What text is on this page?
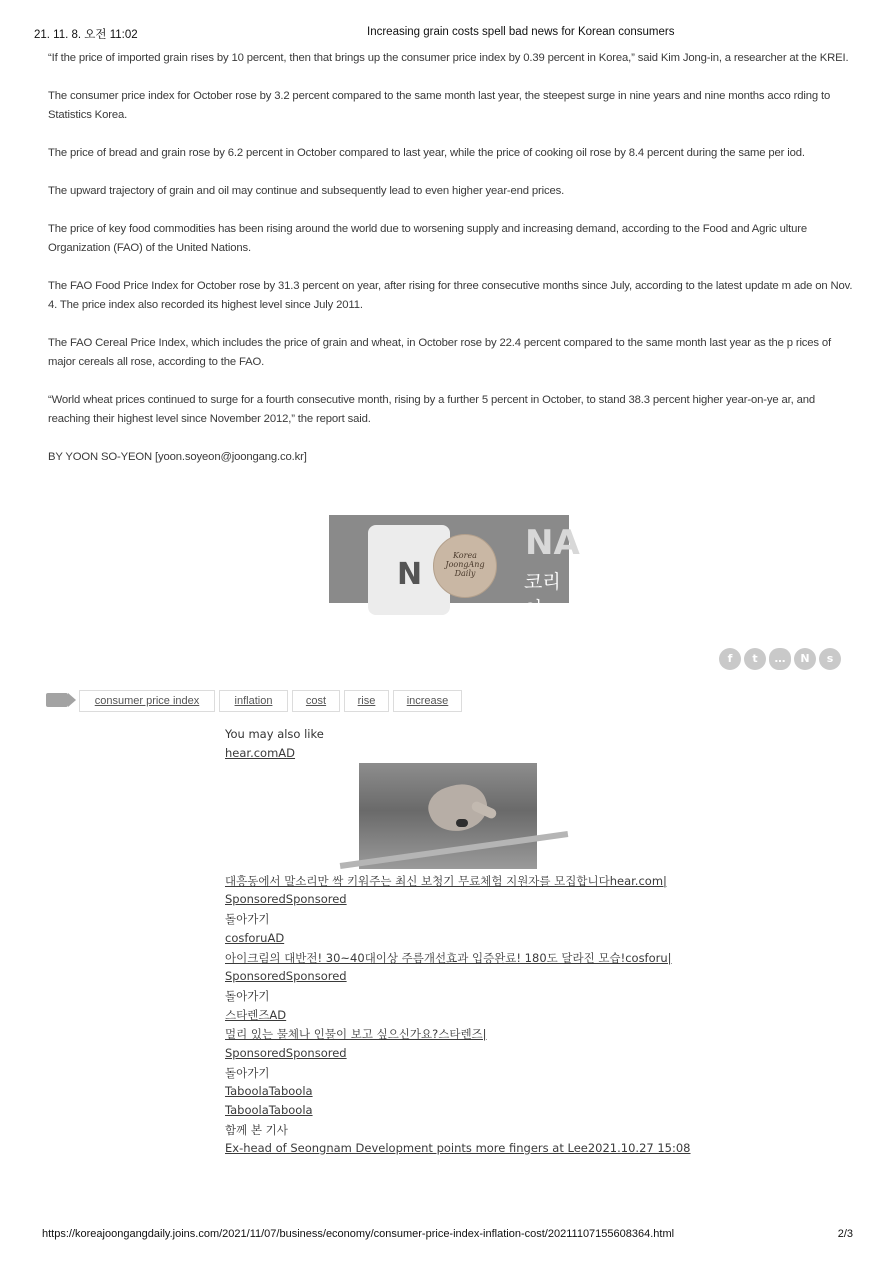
21. 11. 8. 오전 11:02	Increasing grain costs spell bad news for Korean consumers

“If the price of imported grain rises by 10 percent, then that brings up the consumer price index by 0.39 percent in Korea,” said Kim Jong-in, a researcher at the KREI.

The consumer price index for October rose by 3.2 percent compared to the same month last year, the steepest surge in nine years and nine months acco rding to Statistics Korea.

The price of bread and grain rose by 6.2 percent in October compared to last year, while the price of cooking oil rose by 8.4 percent during the same per iod.

The upward trajectory of grain and oil may continue and subsequently lead to even higher year-end prices.

The price of key food commodities has been rising around the world due to worsening supply and increasing demand, according to the Food and Agric ulture Organization (FAO) of the United Nations.

The FAO Food Price Index for October rose by 31.3 percent on year, after rising for three consecutive months since July, according to the latest update m ade on Nov. 4. The price index also recorded its highest level since July 2011.

The FAO Cereal Price Index, which includes the price of grain and wheat, in October rose by 22.4 percent compared to the same month last year as the p rices of major cereals all rose, according to the FAO.

“World wheat prices continued to surge for a fourth consecutive month, rising by a further 5 percent in October, to stand 38.3 percent higher year-on-ye ar, and reaching their highest level since November 2012,” the report said.

BY YOON SO-YEON [yoon.soyeon@joongang.co.kr]

N
Korea
JoongAng
Daily
NA
코리이
f t … N s
consumer price index	inflation	cost	rise	increase
You may also like
hear.comAD
대흥동에서 말소리만 싹 키워주는 최신 보청기 무료체험 지원자를 모집합니다hear.com|
SponsoredSponsored
돌아가기
cosforuAD
아이크림의 대반전! 30~40대이상 주름개선효과 입증완료! 180도 달라진 모습!cosforu|
SponsoredSponsored
돌아가기
스타렌즈AD
멀리 있는 물체나 인물이 보고 싶으신가요?스타렌즈|
SponsoredSponsored
돌아가기
TaboolaTaboola
TaboolaTaboola
함께 본 기사
Ex-head of Seongnam Development points more fingers at Lee2021.10.27 15:08
https://koreajoongangdaily.joins.com/2021/11/07/business/economy/consumer-price-index-inflation-cost/20211107155608364.html	2/3
